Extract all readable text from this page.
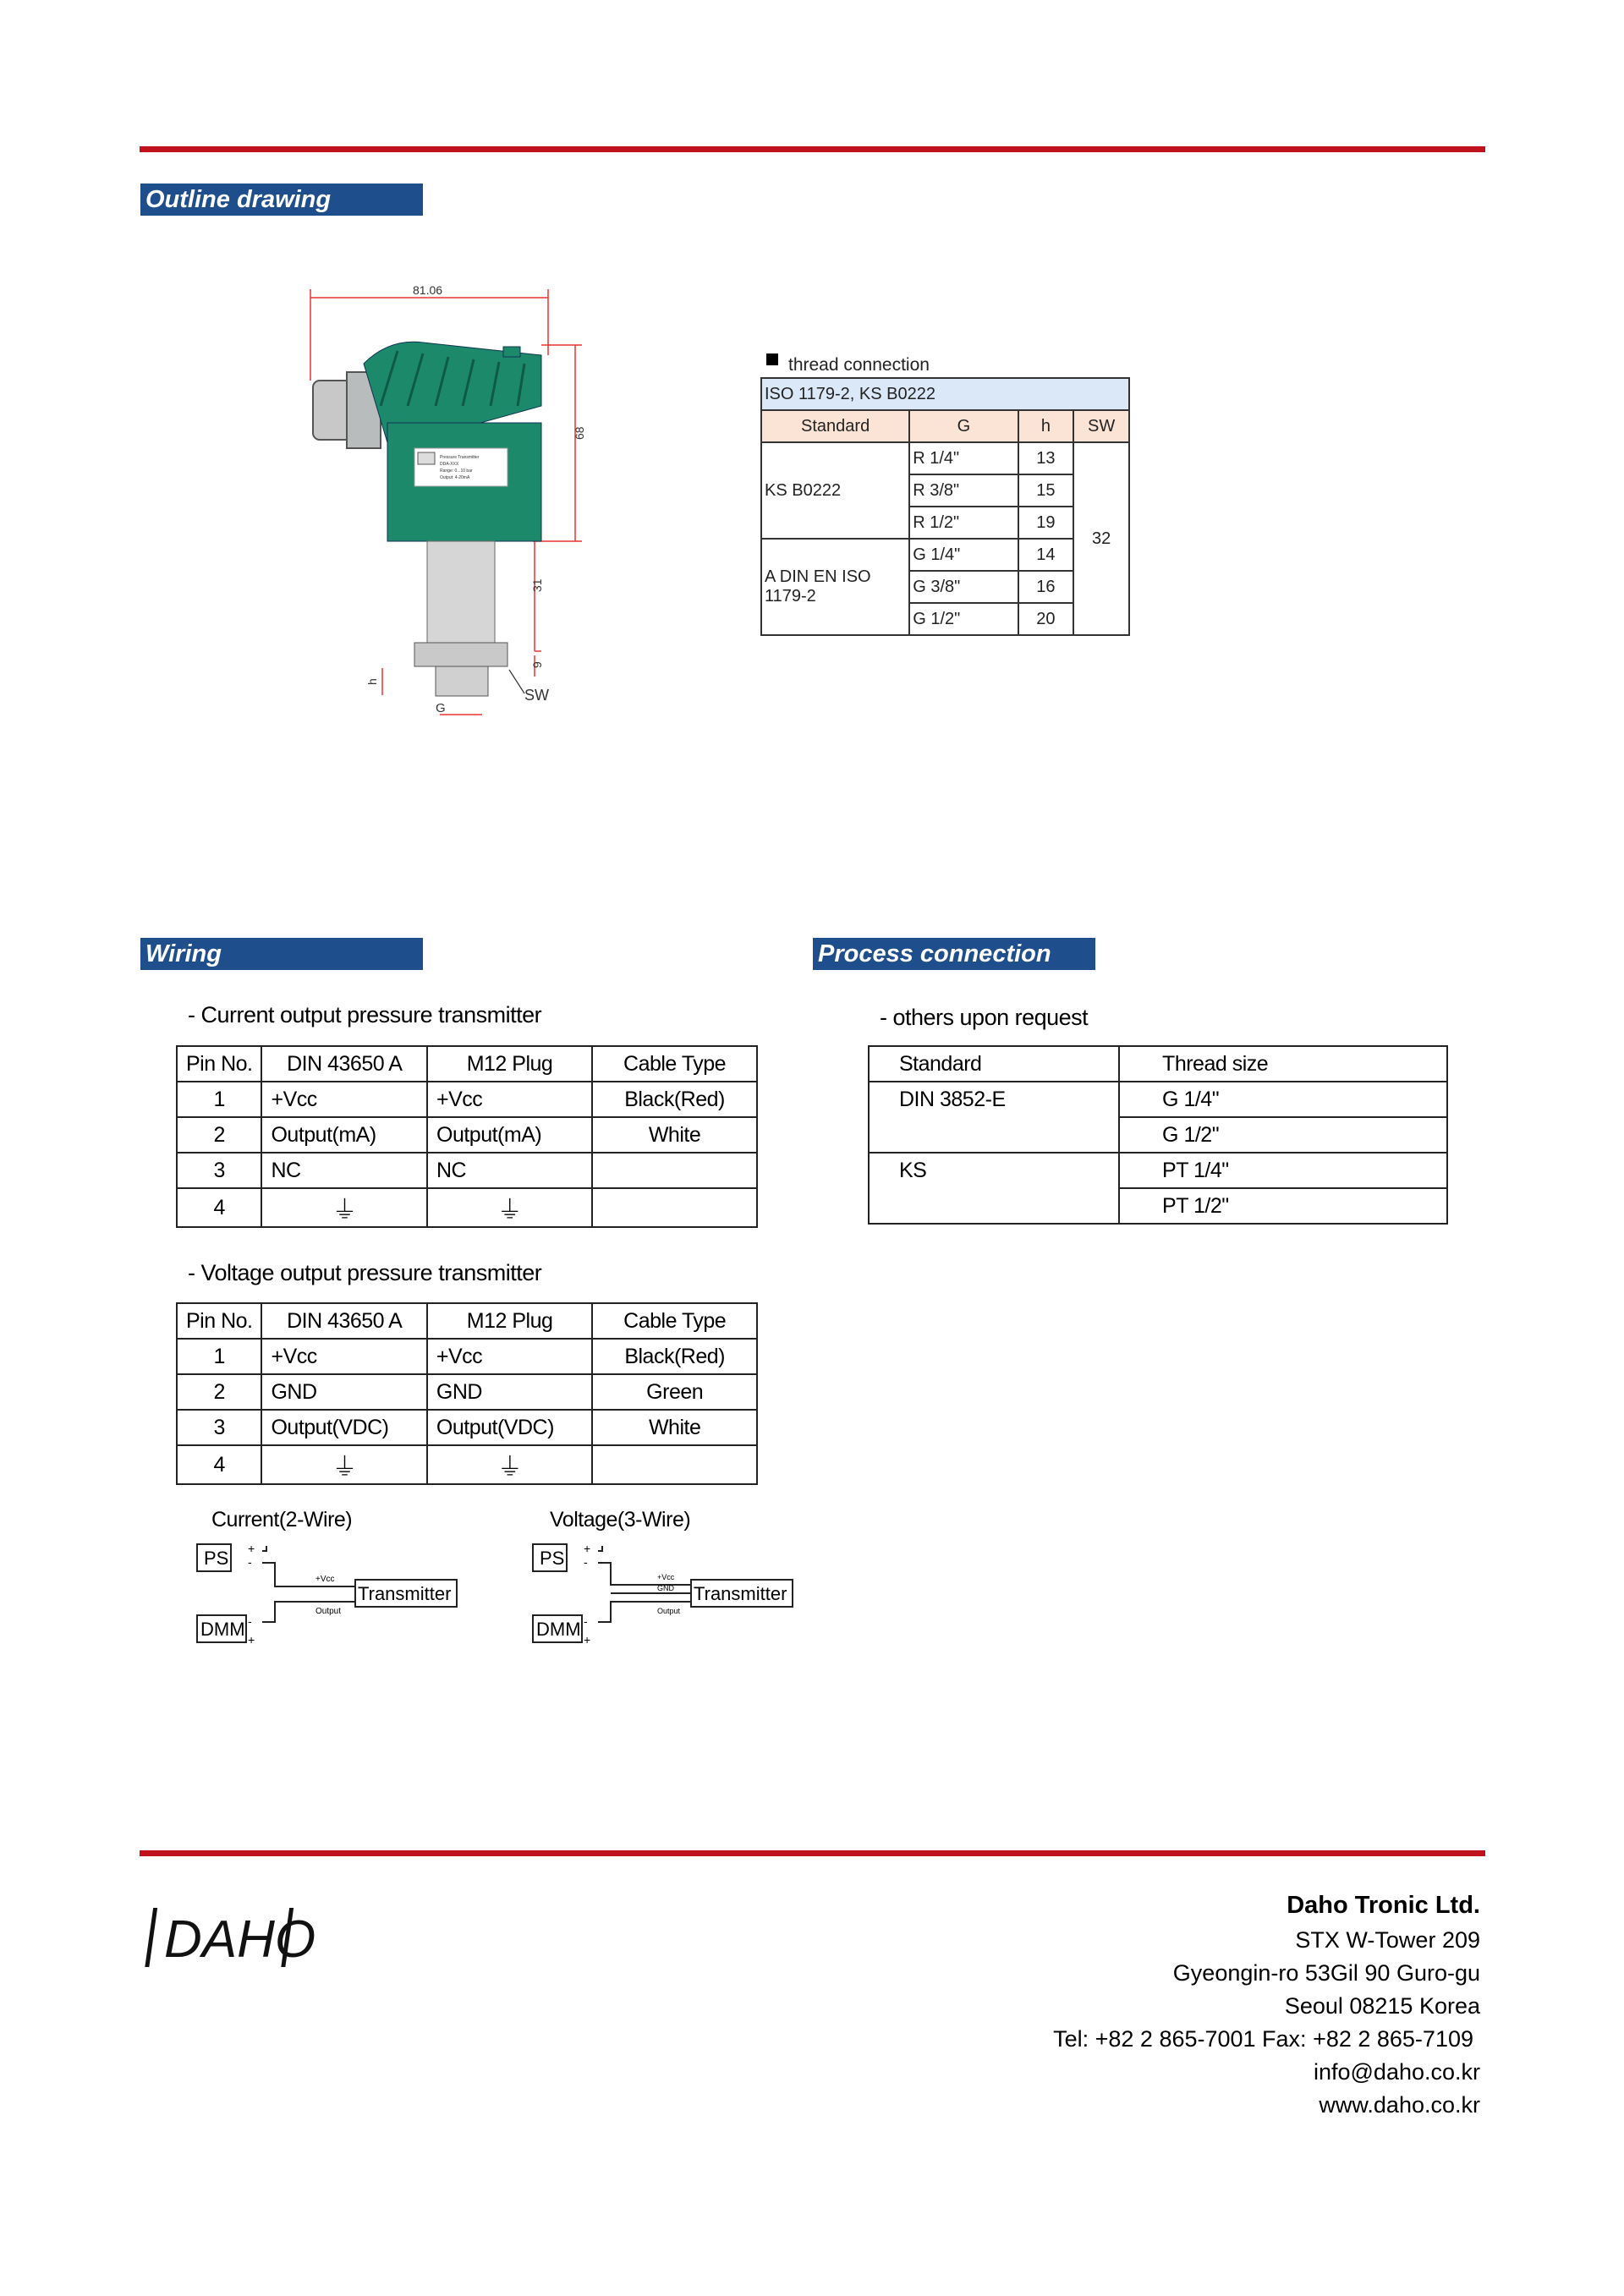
Outline drawing
81.06
68
31
9
h
G
SW
Pressure Transmitter
DDA-XXX
Range: 0...10 bar
Output: 4-20mA
thread connection
ISO 1179-2, KS B0222			
Standard	G	h	SW
KS B0222	R 1/4"	13	32
	R 3/8"	15	
	R 1/2"	19	
A DIN EN ISO
1179-2	G 1/4"	14	
	G 3/8"	16	
	G 1/2"	20	
Wiring	Process connection
- Current output pressure transmitter
Pin No.	DIN 43650 A	M12 Plug	Cable Type
1	+Vcc	+Vcc	Black(Red)
2	Output(mA)	Output(mA)	White
3	NC	NC	
4	⏚	⏚	
- Voltage output pressure transmitter
Pin No.	DIN 43650 A	M12 Plug	Cable Type
1	+Vcc	+Vcc	Black(Red)
2	GND	GND	Green
3	Output(VDC)	Output(VDC)	White
4	⏚	⏚	
- others upon request
Standard	Thread size
DIN 3852-E	G 1/4"
	G 1/2"
KS	PT 1/4"
	PT 1/2"
Current(2-Wire)
PS
DMM
Transmitter
+Vcc
Output
+
-
-
+
Voltage(3-Wire)
PS
DMM
Transmitter
+Vcc
GND
Output
+
-
-
+
DAHO
Daho Tronic Ltd.
STX W-Tower 209
Gyeongin-ro 53Gil 90 Guro-gu
Seoul 08215 Korea
Tel: +82 2 865-7001 Fax: +82 2 865-7109
info@daho.co.kr
www.daho.co.kr
